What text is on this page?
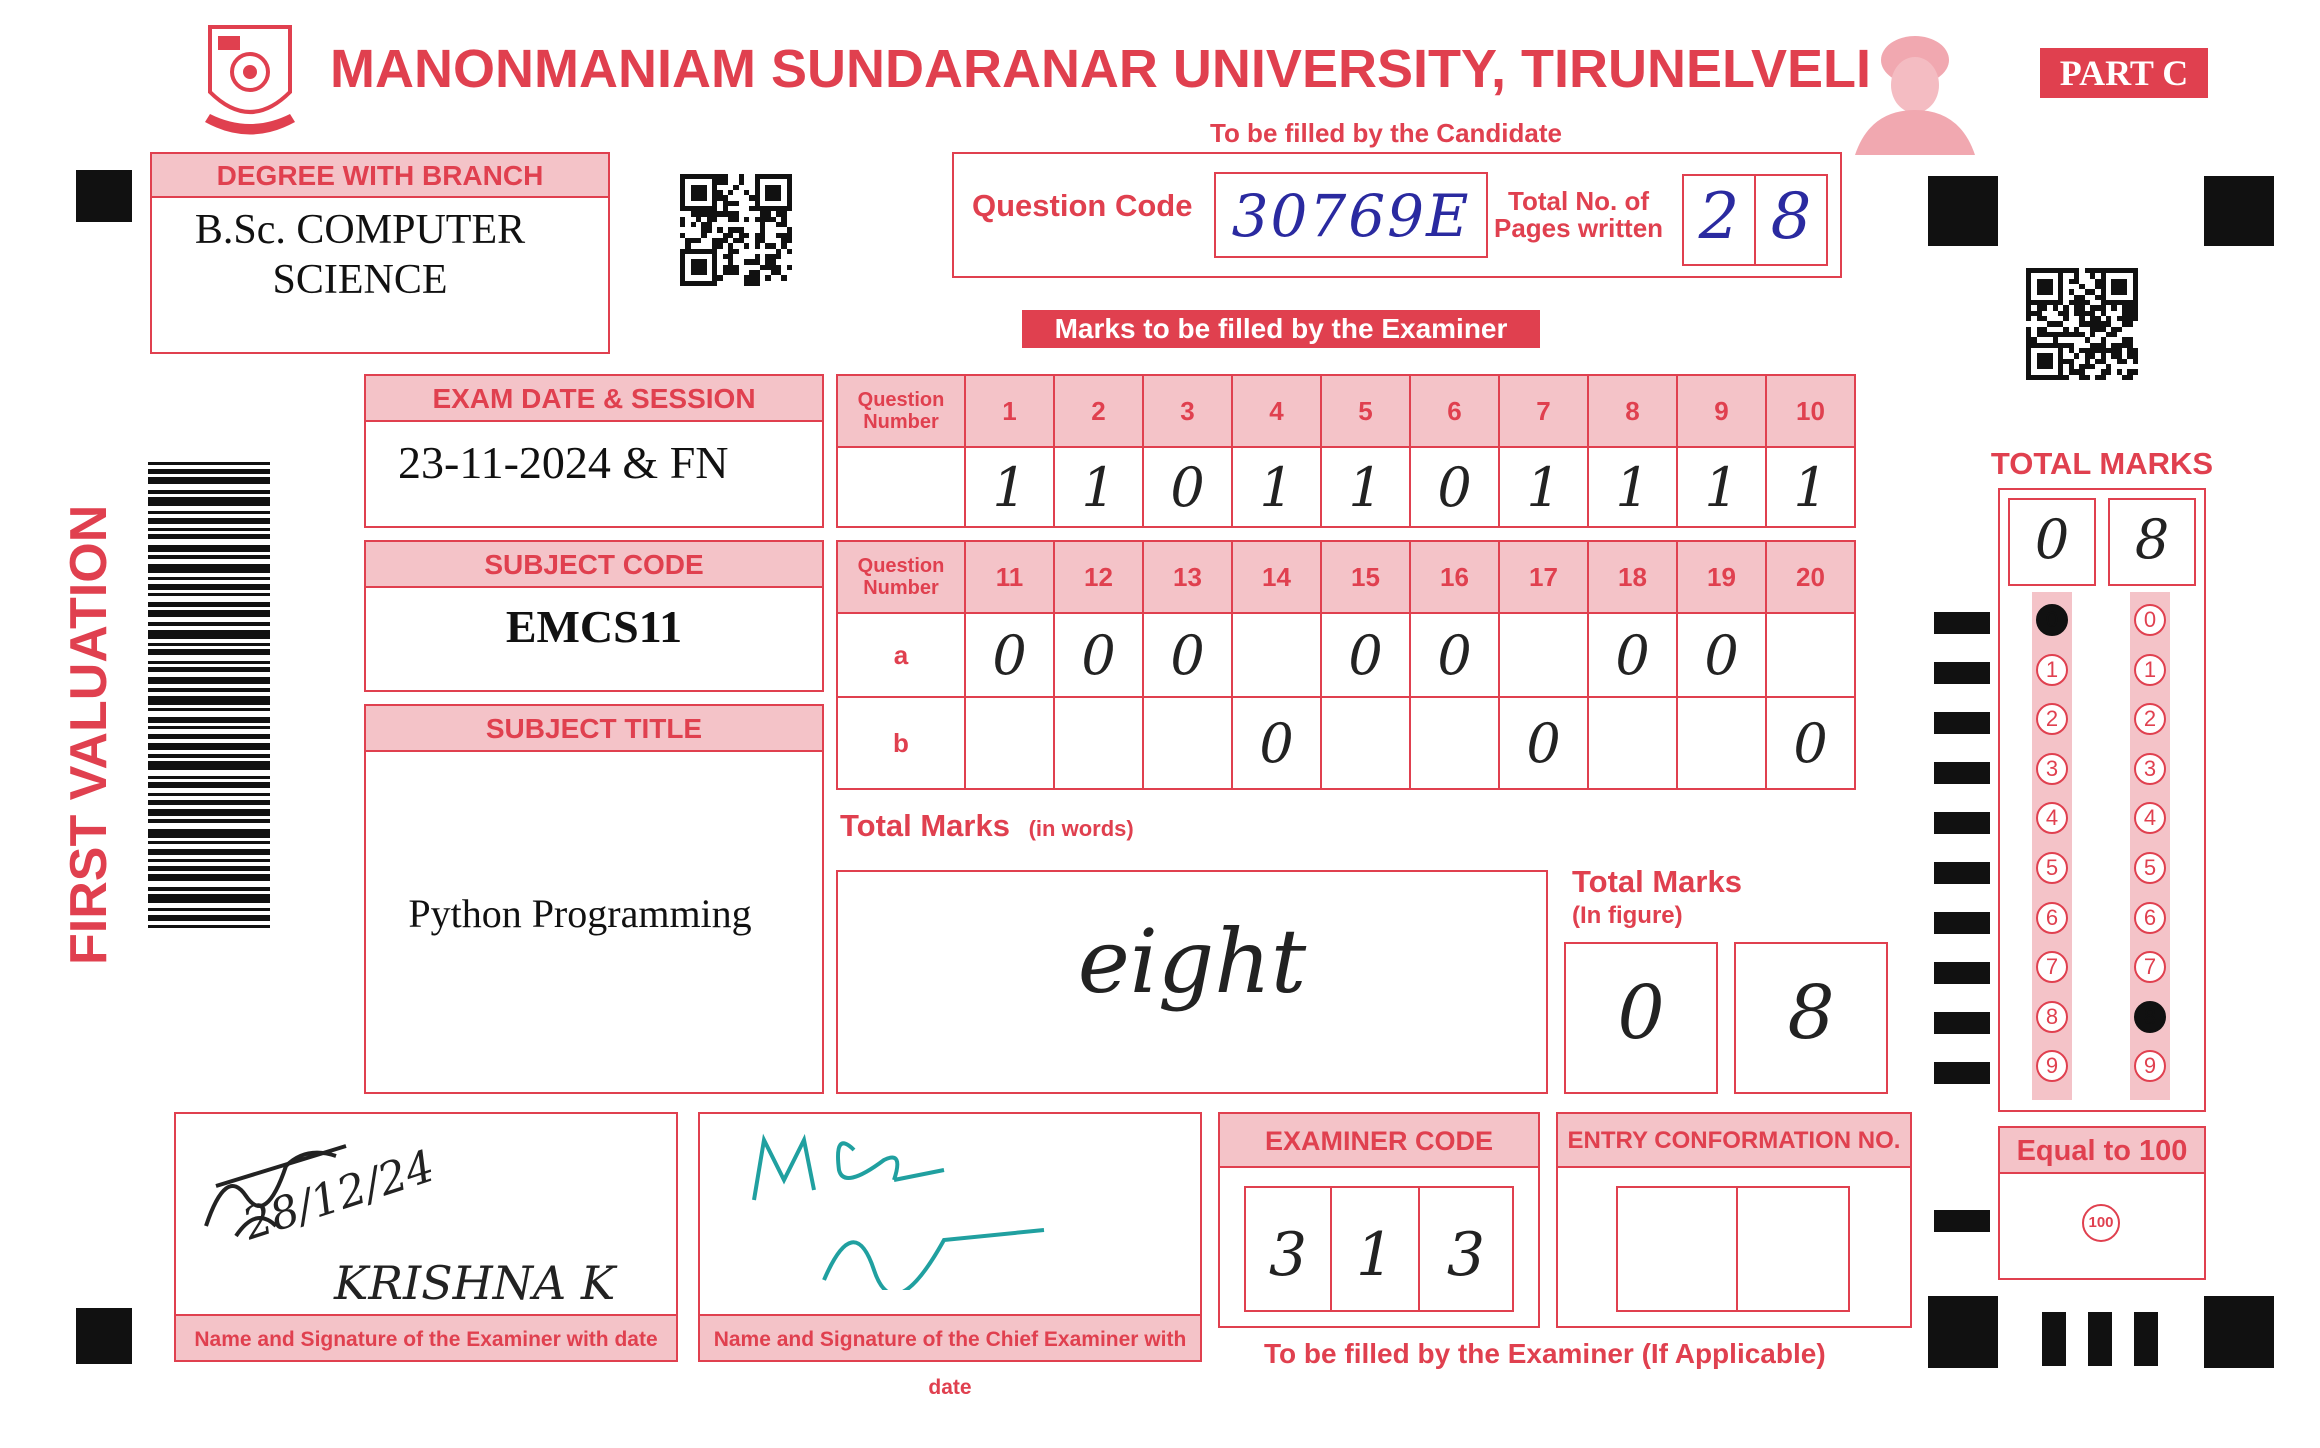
MANONMANIAM SUNDARANAR UNIVERSITY, TIRUNELVELI	PART C
To be filled by the Candidate
DEGREE WITH BRANCH
B.Sc. COMPUTER
SCIENCE
Question Code 30769E	Total No. of
Pages written 2 8
Marks to be filled by the Examiner
FIRST VALUATION
EXAM DATE & SESSION
23-11-2024 & FN
SUBJECT CODE
EMCS11
SUBJECT TITLE
Python Programming
Question
Number	1	2	3	4	5	6	7	8	9	10
	1	1	0	1	1	0	1	1	1	1
Question
Number	11	12	13	14	15	16	17	18	19	20
a	0	0	0		0	0		0	0	
b				0			0			0
Total Marks (in words)
eight
Total Marks
(In figure)
0	8
TOTAL MARKS
0	8
0
1
2
3
4
5
6
7
8
9
0
1
2
3
4
5
6
7
8
9
Equal to 100
100
Name and Signature of the Examiner with date
28/12/24
KRISHNA K
Name and Signature of the Chief Examiner with date
EXAMINER CODE
3 1 3
ENTRY CONFORMATION NO.
To be filled by the Examiner (If Applicable)
